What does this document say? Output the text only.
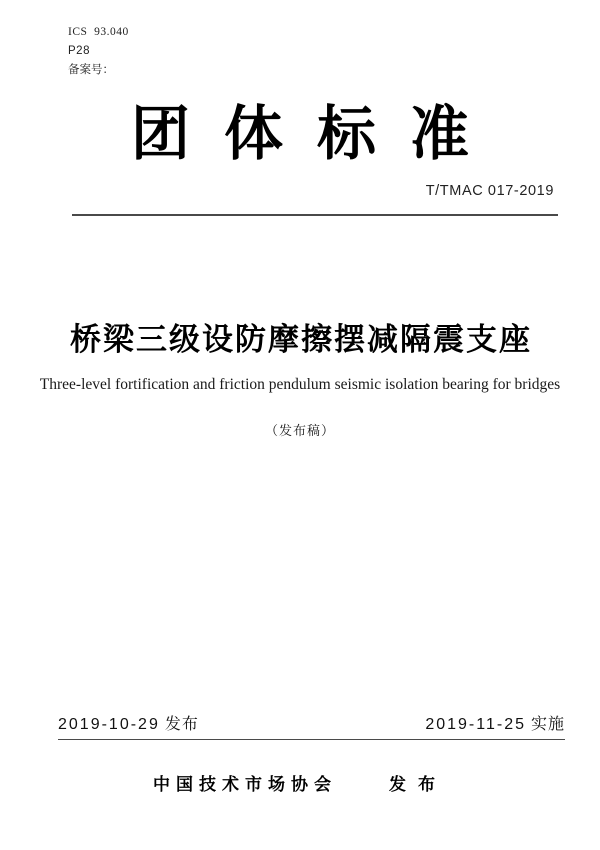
ICS  93.040
P28
备案号：
团体标准
T/TMAC 017-2019
桥梁三级设防摩擦摆减隔震支座
Three-level fortification and friction pendulum seismic isolation bearing for bridges
（发布稿）
2019-10-29 发布	2019-11-25 实施
中国技术市场协会	发布
